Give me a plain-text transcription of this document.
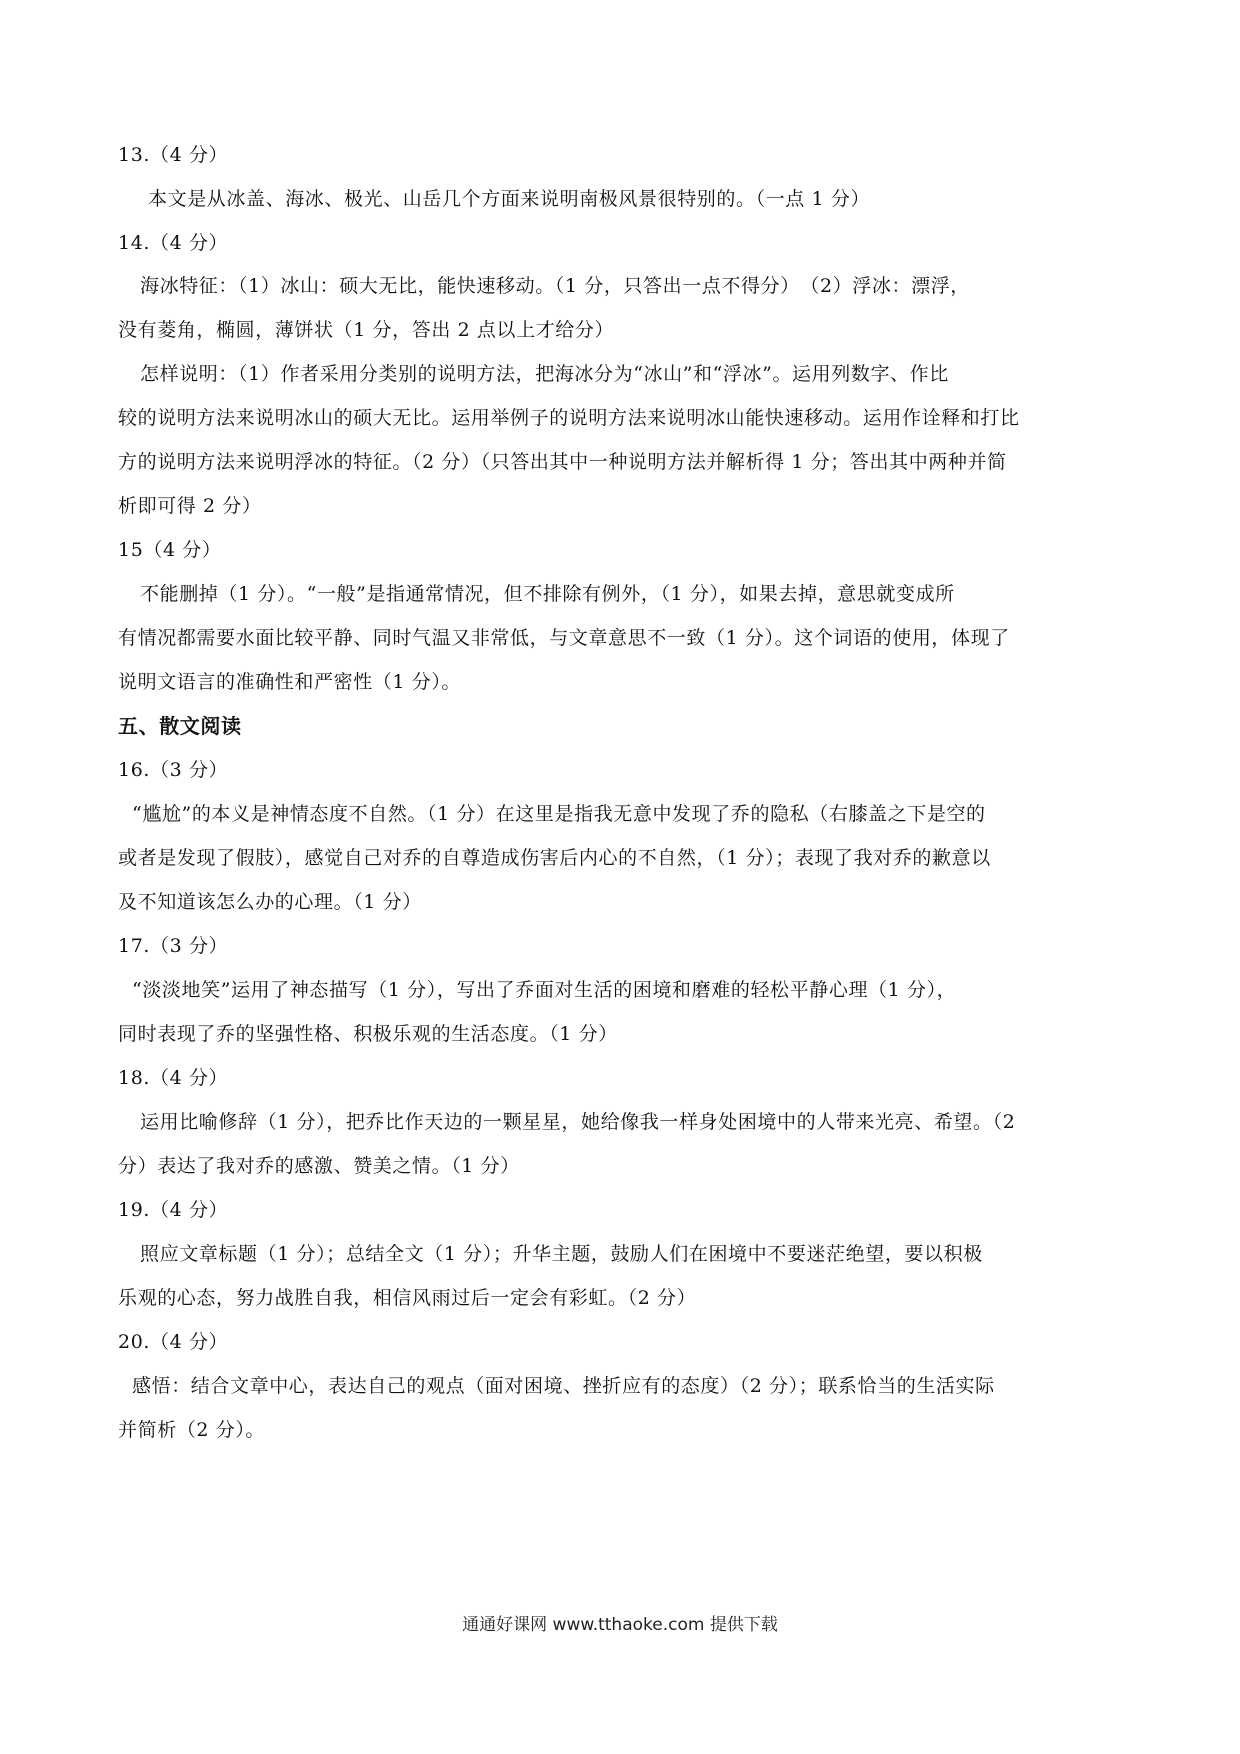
13.（4 分）
本文是从冰盖、海冰、极光、山岳几个方面来说明南极风景很特别的。（一点 1 分）
14.（4 分）
海冰特征：（1）冰山：硕大无比，能快速移动。（1 分，只答出一点不得分）　（2）浮冰：漂浮，
没有菱角，椭圆，薄饼状（1 分，答出 2 点以上才给分）
怎样说明：（1）作者采用分类别的说明方法，把海冰分为“冰山”和“浮冰”。运用列数字、作比
较的说明方法来说明冰山的硕大无比。运用举例子的说明方法来说明冰山能快速移动。运用作诠释和打比
方的说明方法来说明浮冰的特征。（2 分）（只答出其中一种说明方法并解析得 1 分；答出其中两种并简
析即可得 2 分）
15（4 分）
不能删掉（1 分）。“一般”是指通常情况，但不排除有例外，（1 分），如果去掉，意思就变成所
有情况都需要水面比较平静、同时气温又非常低，与文章意思不一致（1 分）。这个词语的使用，体现了
说明文语言的准确性和严密性（1 分）。
五、散文阅读
16.（3 分）
“尴尬”的本义是神情态度不自然。（1 分）在这里是指我无意中发现了乔的隐私（右膝盖之下是空的
或者是发现了假肢），感觉自己对乔的自尊造成伤害后内心的不自然，（1 分）；表现了我对乔的歉意以
及不知道该怎么办的心理。（1 分）
17.（3 分）
“淡淡地笑”运用了神态描写（1 分），写出了乔面对生活的困境和磨难的轻松平静心理（1 分），
同时表现了乔的坚强性格、积极乐观的生活态度。（1 分）
18.（4 分）
运用比喻修辞（1 分），把乔比作天边的一颗星星，她给像我一样身处困境中的人带来光亮、希望。（2
分）表达了我对乔的感激、赞美之情。（1 分）
19.（4 分）
照应文章标题（1 分）；总结全文（1 分）；升华主题，鼓励人们在困境中不要迷茫绝望，要以积极
乐观的心态，努力战胜自我，相信风雨过后一定会有彩虹。（2 分）
20.（4 分）
感悟：结合文章中心，表达自己的观点（面对困境、挫折应有的态度）（2 分）；联系恰当的生活实际
并简析（2 分）。
通通好课网 www.tthaoke.com 提供下载
